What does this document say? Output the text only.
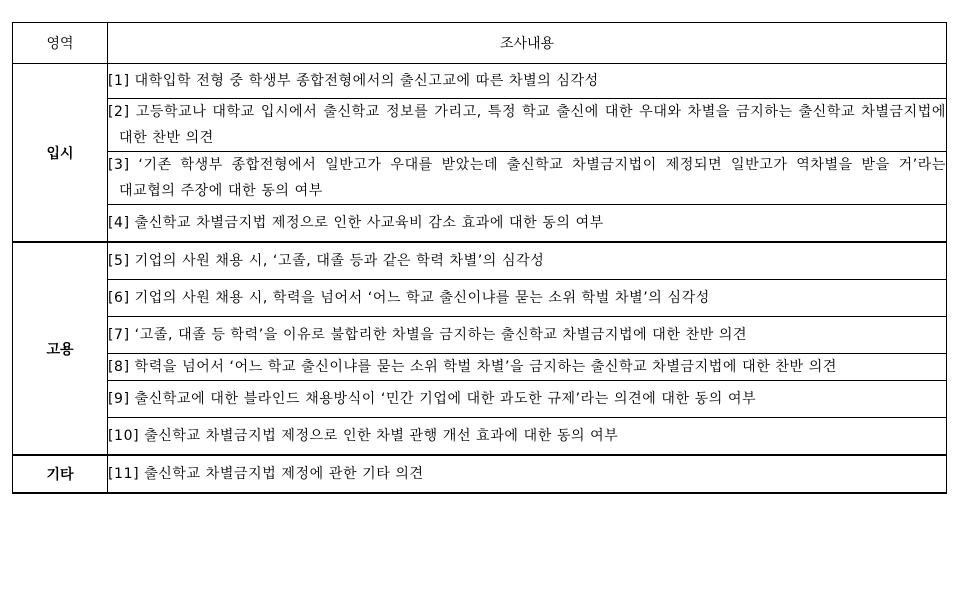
영역	조사내용
입시	[1] 대학입학 전형 중 학생부 종합전형에서의 출신고교에 따른 차별의 심각성

	[2] 고등학교나 대학교 입시에서 출신학교 정보를 가리고, 특정 학교 출신에 대한 우대와 차별을 금지하는 출신학교 차별금지법에 대한 찬반 의견

	[3] ‘기존 학생부 종합전형에서 일반고가 우대를 받았는데 출신학교 차별금지법이 제정되면 일반고가 역차별을 받을 거’라는 대교협의 주장에 대한 동의 여부

	[4] 출신학교 차별금지법 제정으로 인한 사교육비 감소 효과에 대한 동의 여부

고용	[5] 기업의 사원 채용 시, ‘고졸, 대졸 등과 같은 학력 차별’의 심각성

	[6] 기업의 사원 채용 시, 학력을 넘어서 ‘어느 학교 출신이냐를 묻는 소위 학벌 차별’의 심각성

	[7] ‘고졸, 대졸 등 학력’을 이유로 불합리한 차별을 금지하는 출신학교 차별금지법에 대한 찬반 의견

	[8] 학력을 넘어서 ‘어느 학교 출신이냐를 묻는 소위 학벌 차별’을 금지하는 출신학교 차별금지법에 대한 찬반 의견

	[9] 출신학교에 대한 블라인드 채용방식이 ‘민간 기업에 대한 과도한 규제’라는 의견에 대한 동의 여부

	[10] 출신학교 차별금지법 제정으로 인한 차별 관행 개선 효과에 대한 동의 여부

기타	[11] 출신학교 차별금지법 제정에 관한 기타 의견
